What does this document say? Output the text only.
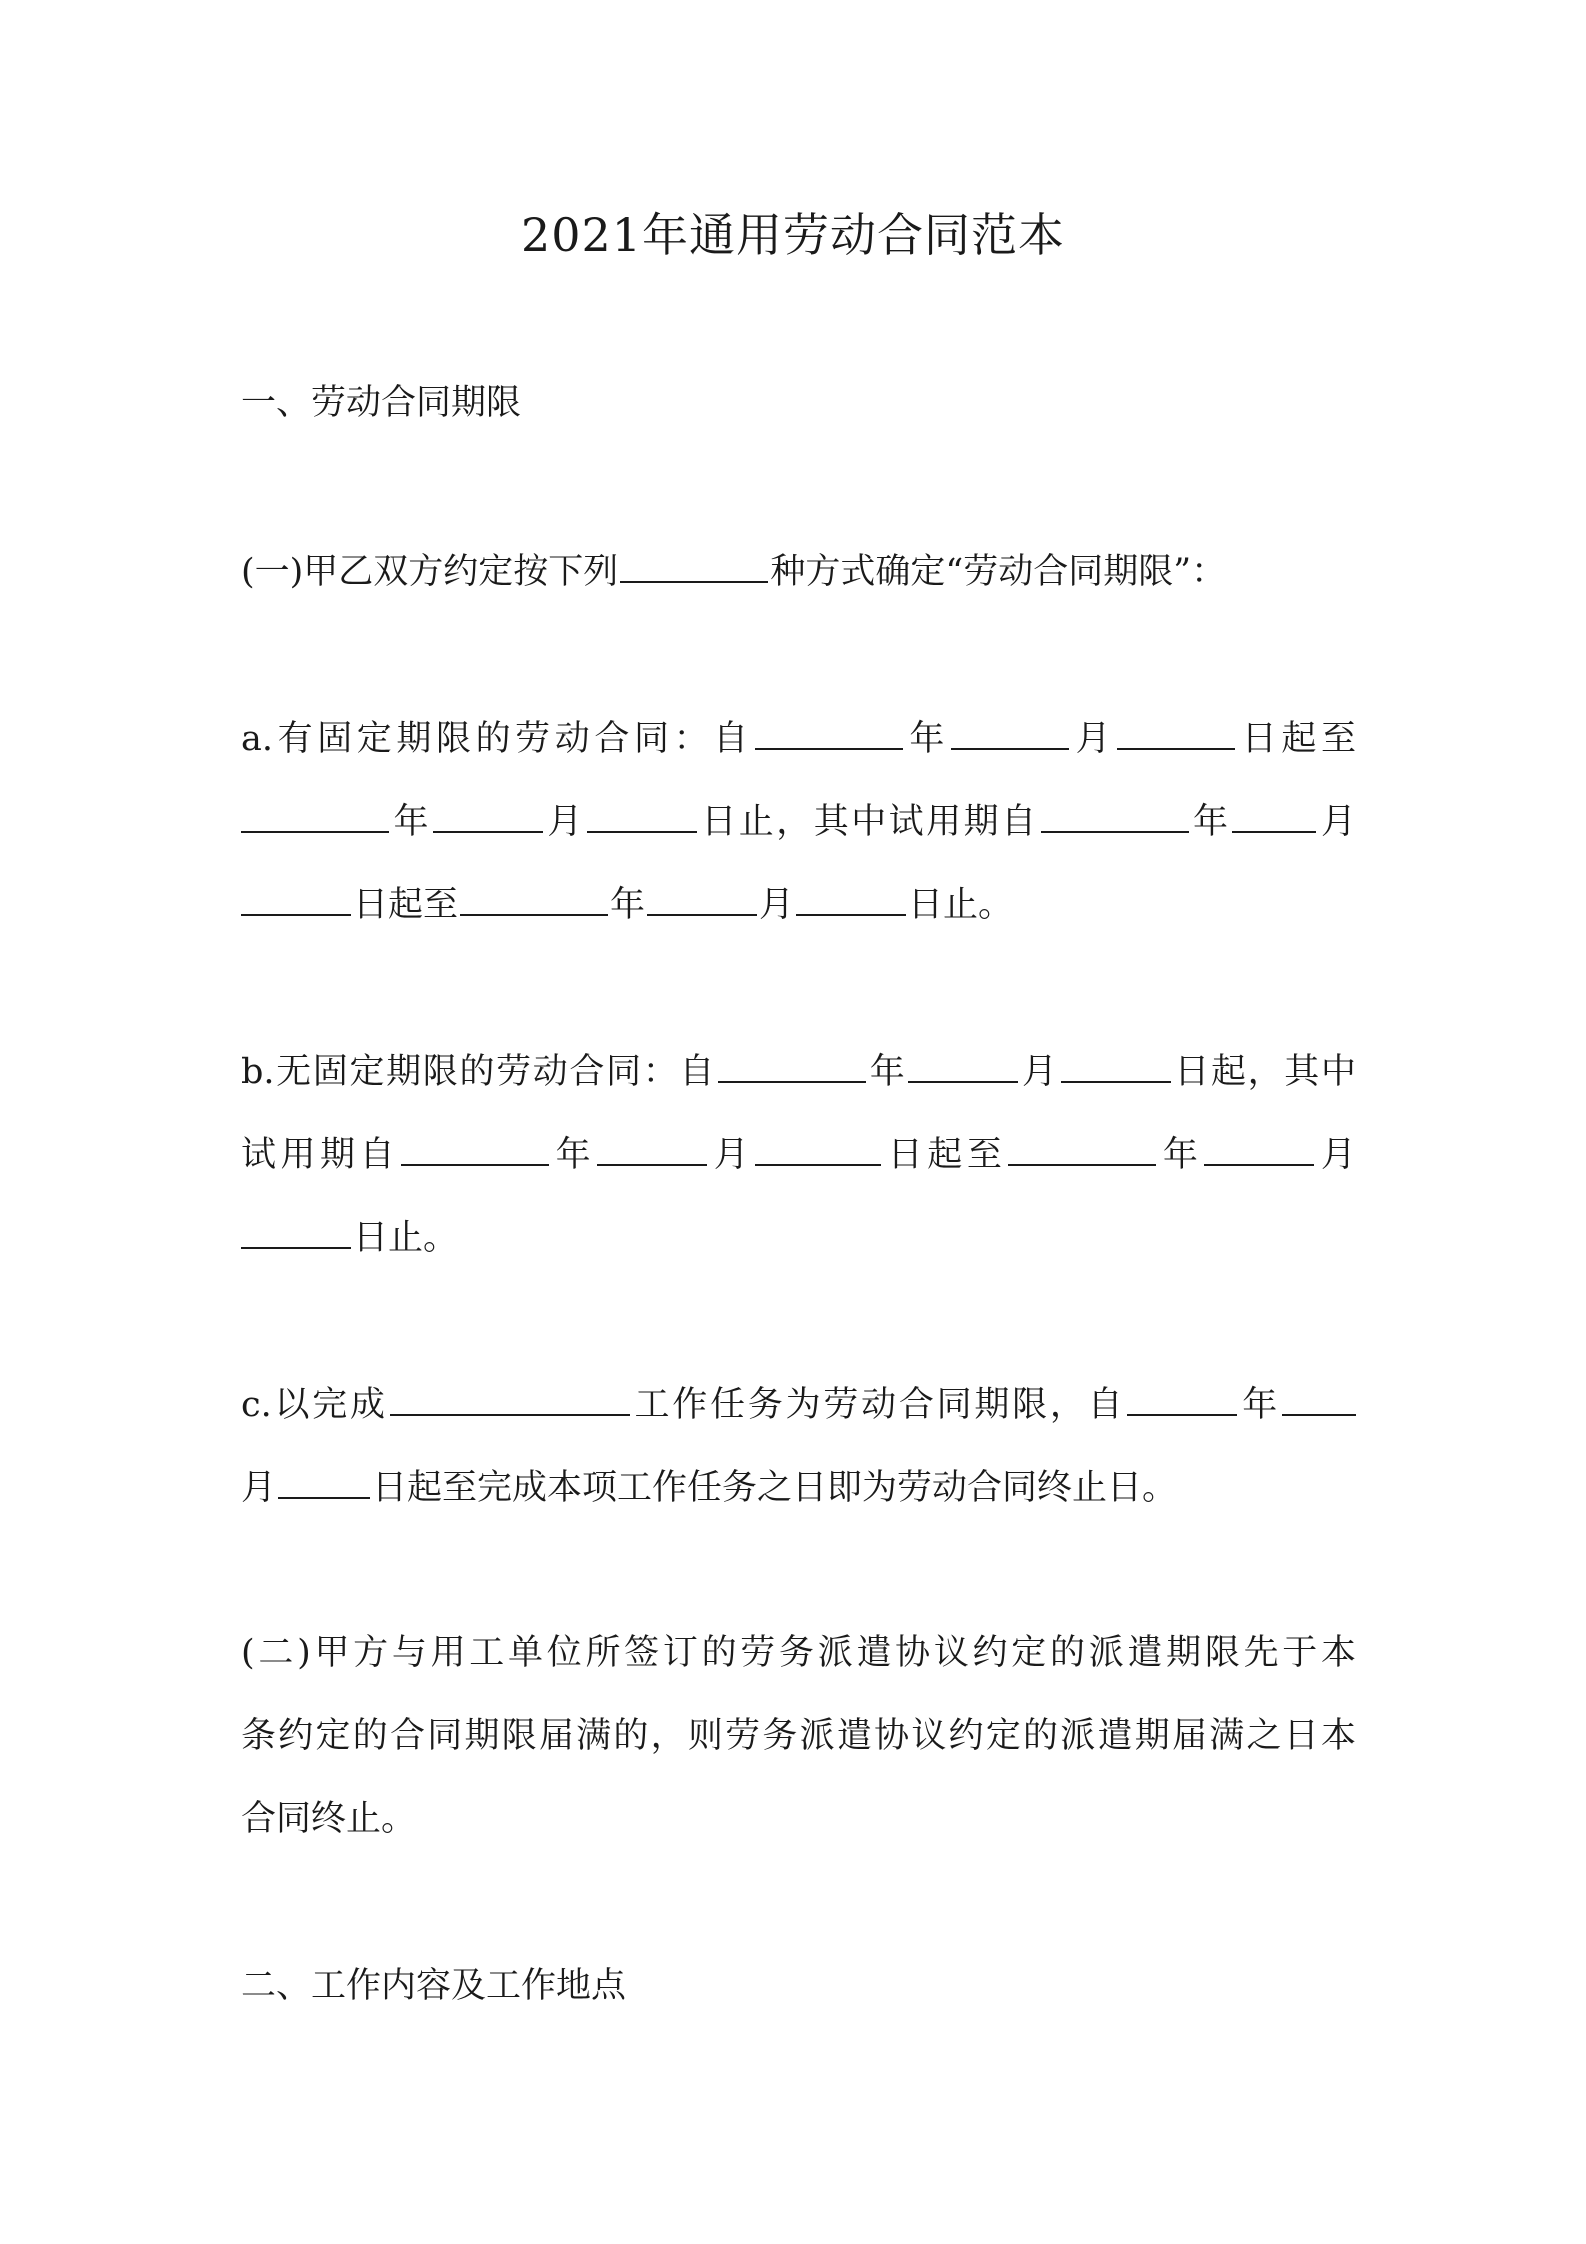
2021年通用劳动合同范本
一、劳动合同期限
(一)甲乙双方约定按下列	种方式确定“劳动合同期限”：
a.有固定期限的劳动合同：自	年	月	日起至
年	月	日止，其中试用期自	年	月
日起至	年	月	日止。
b.无固定期限的劳动合同：自	年	月	日起，其中
试用期自	年	月	日起至	年	月
日止。
c.以完成	工作任务为劳动合同期限，自	年
月	日起至完成本项工作任务之日即为劳动合同终止日。
(二)甲方与用工单位所签订的劳务派遣协议约定的派遣期限先于本
条约定的合同期限届满的，则劳务派遣协议约定的派遣期届满之日本
合同终止。
二、工作内容及工作地点
